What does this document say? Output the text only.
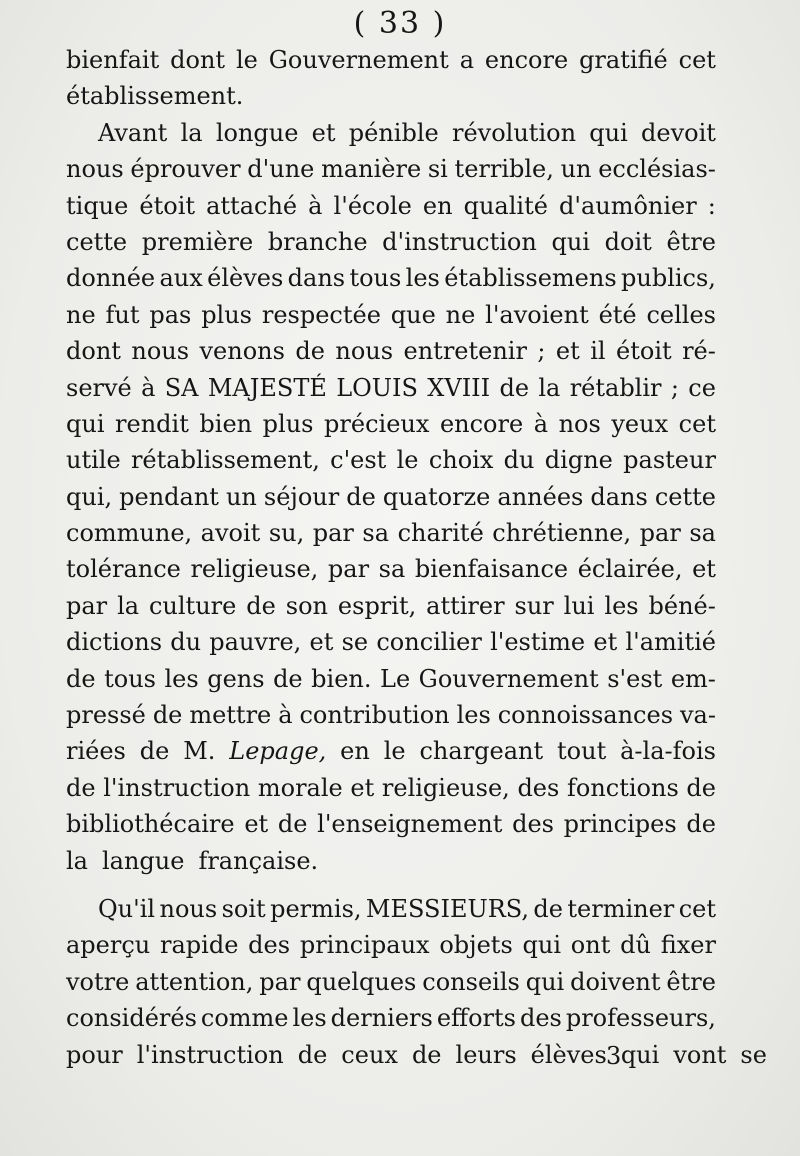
( 33 )
bienfait dont le Gouvernement a encore gratifié cet
établissement.
Avant la longue et pénible révolution qui devoit
nous éprouver d'une manière si terrible, un ecclésias-
tique étoit attaché à l'école en qualité d'aumônier :
cette première branche d'instruction qui doit être
donnée aux élèves dans tous les établissemens publics,
ne fut pas plus respectée que ne l'avoient été celles
dont nous venons de nous entretenir ; et il étoit ré-
servé à SA MAJESTÉ LOUIS XVIII de la rétablir ; ce
qui rendit bien plus précieux encore à nos yeux cet
utile rétablissement, c'est le choix du digne pasteur
qui, pendant un séjour de quatorze années dans cette
commune, avoit su, par sa charité chrétienne, par sa
tolérance religieuse, par sa bienfaisance éclairée, et
par la culture de son esprit, attirer sur lui les béné-
dictions du pauvre, et se concilier l'estime et l'amitié
de tous les gens de bien. Le Gouvernement s'est em-
pressé de mettre à contribution les connoissances va-
riées de M. Lepage, en le chargeant tout à-la-fois
de l'instruction morale et religieuse, des fonctions de
bibliothécaire et de l'enseignement des principes de
la langue française.
Qu'il nous soit permis, MESSIEURS, de terminer cet
aperçu rapide des principaux objets qui ont dû fixer
votre attention, par quelques conseils qui doivent être
considérés comme les derniers efforts des professeurs,
pour l'instruction de ceux de leurs élèves qui vont se
3
